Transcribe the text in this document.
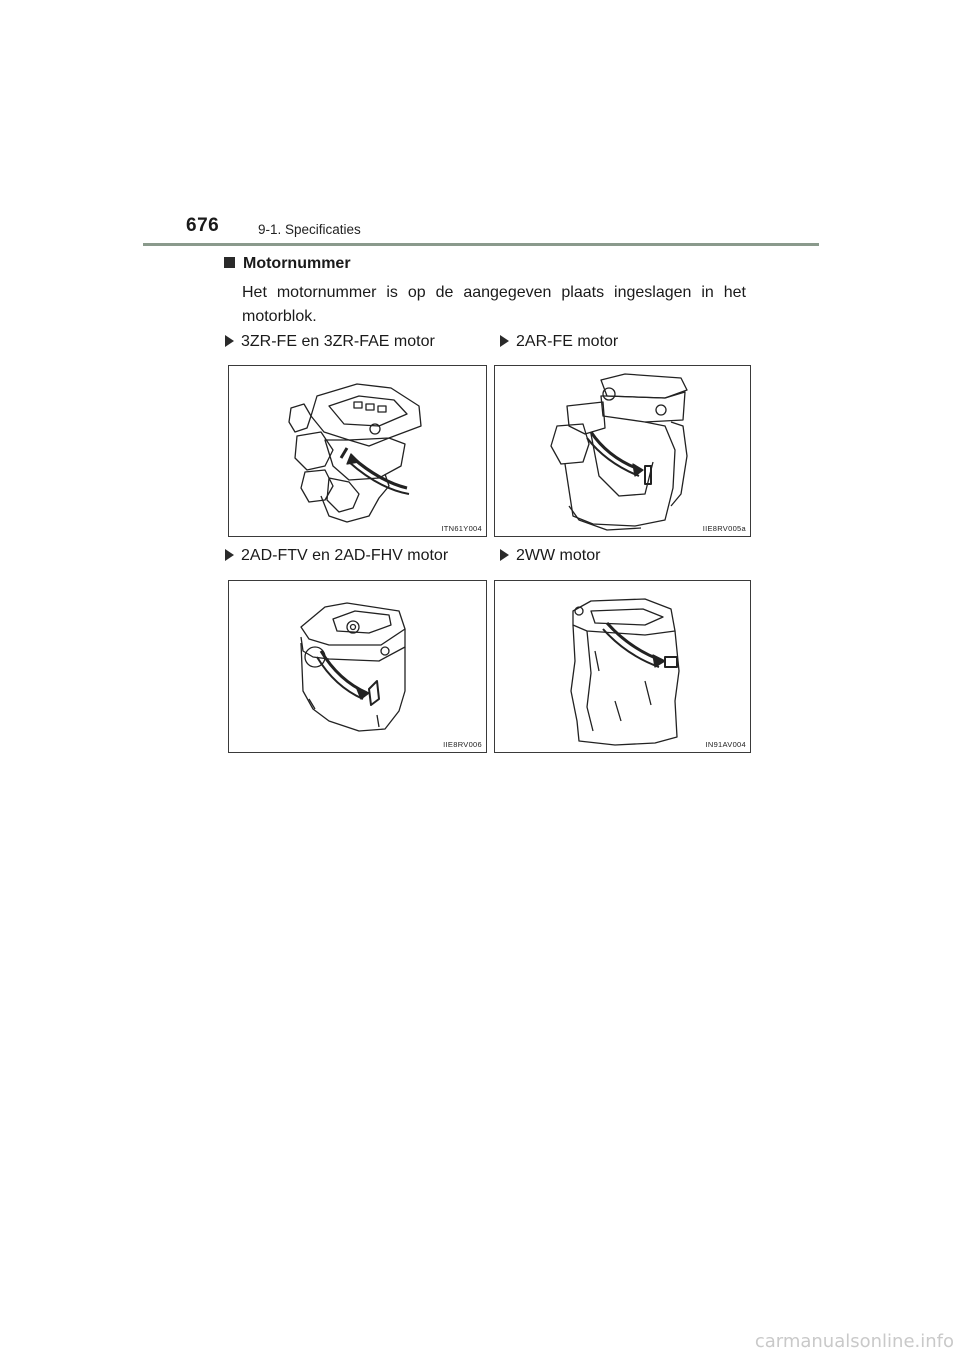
676	9-1. Specificaties
Motornummer
Het motornummer is op de aangegeven plaats ingeslagen in het motorblok.
3ZR-FE en 3ZR-FAE motor
ITN61Y004
2AR-FE motor
IIE8RV005a
2AD-FTV en 2AD-FHV motor
IIE8RV006
2WW motor
IN91AV004
carmanualsonline.info
